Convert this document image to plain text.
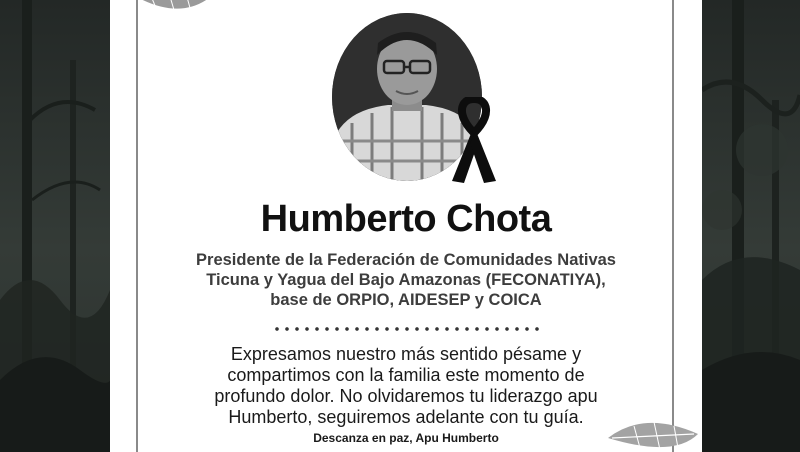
Humberto Chota
Presidente de la Federación de Comunidades Nativas
Ticuna y Yagua del Bajo Amazonas (FECONATIYA),
base de ORPIO, AIDESEP y COICA
Expresamos nuestro más sentido pésame y
compartimos con la familia este momento de
profundo dolor. No olvidaremos tu liderazgo apu
Humberto, seguiremos adelante con tu guía.
Descanza en paz, Apu Humberto
